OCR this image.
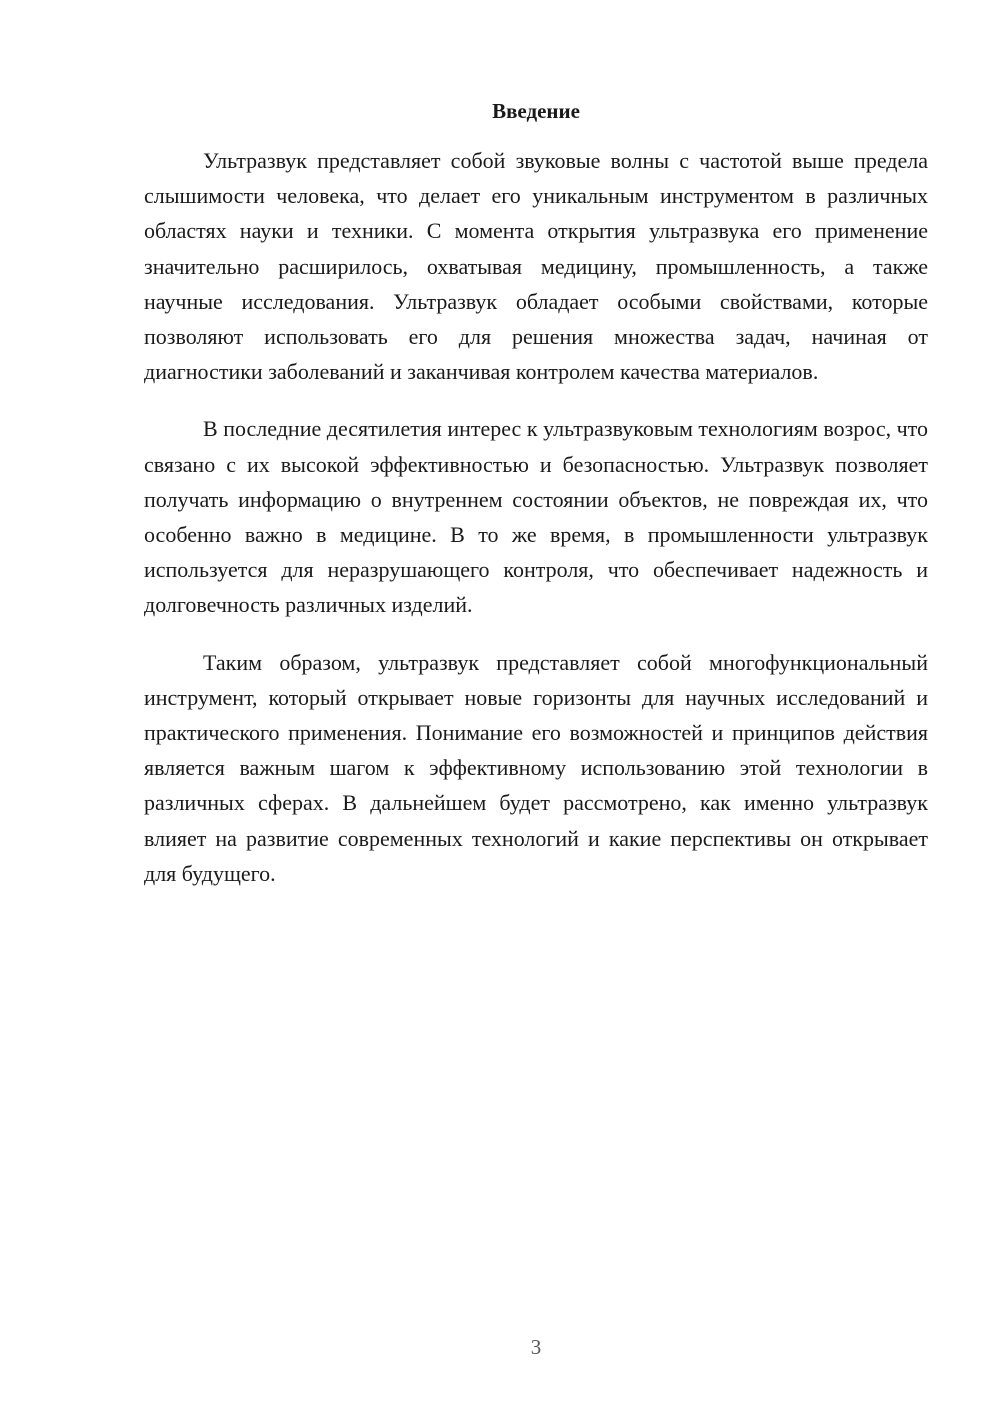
Введение

Ультразвук представляет собой звуковые волны с частотой выше предела слышимости человека, что делает его уникальным инструментом в различных областях науки и техники. С момента открытия ультразвука его применение значительно расширилось, охватывая медицину, промышленность, а также научные исследования. Ультразвук обладает особыми свойствами, которые позволяют использовать его для решения множества задач, начиная от диагностики заболеваний и заканчивая контролем качества материалов.

В последние десятилетия интерес к ультразвуковым технологиям возрос, что связано с их высокой эффективностью и безопасностью. Ультразвук позволяет получать информацию о внутреннем состоянии объектов, не повреждая их, что особенно важно в медицине. В то же время, в промышленности ультразвук используется для неразрушающего контроля, что обеспечивает надежность и долговечность различных изделий.

Таким образом, ультразвук представляет собой многофункциональный инструмент, который открывает новые горизонты для научных исследований и практического применения. Понимание его возможностей и принципов действия является важным шагом к эффективному использованию этой технологии в различных сферах. В дальнейшем будет рассмотрено, как именно ультразвук влияет на развитие современных технологий и какие перспективы он открывает для будущего.

3
